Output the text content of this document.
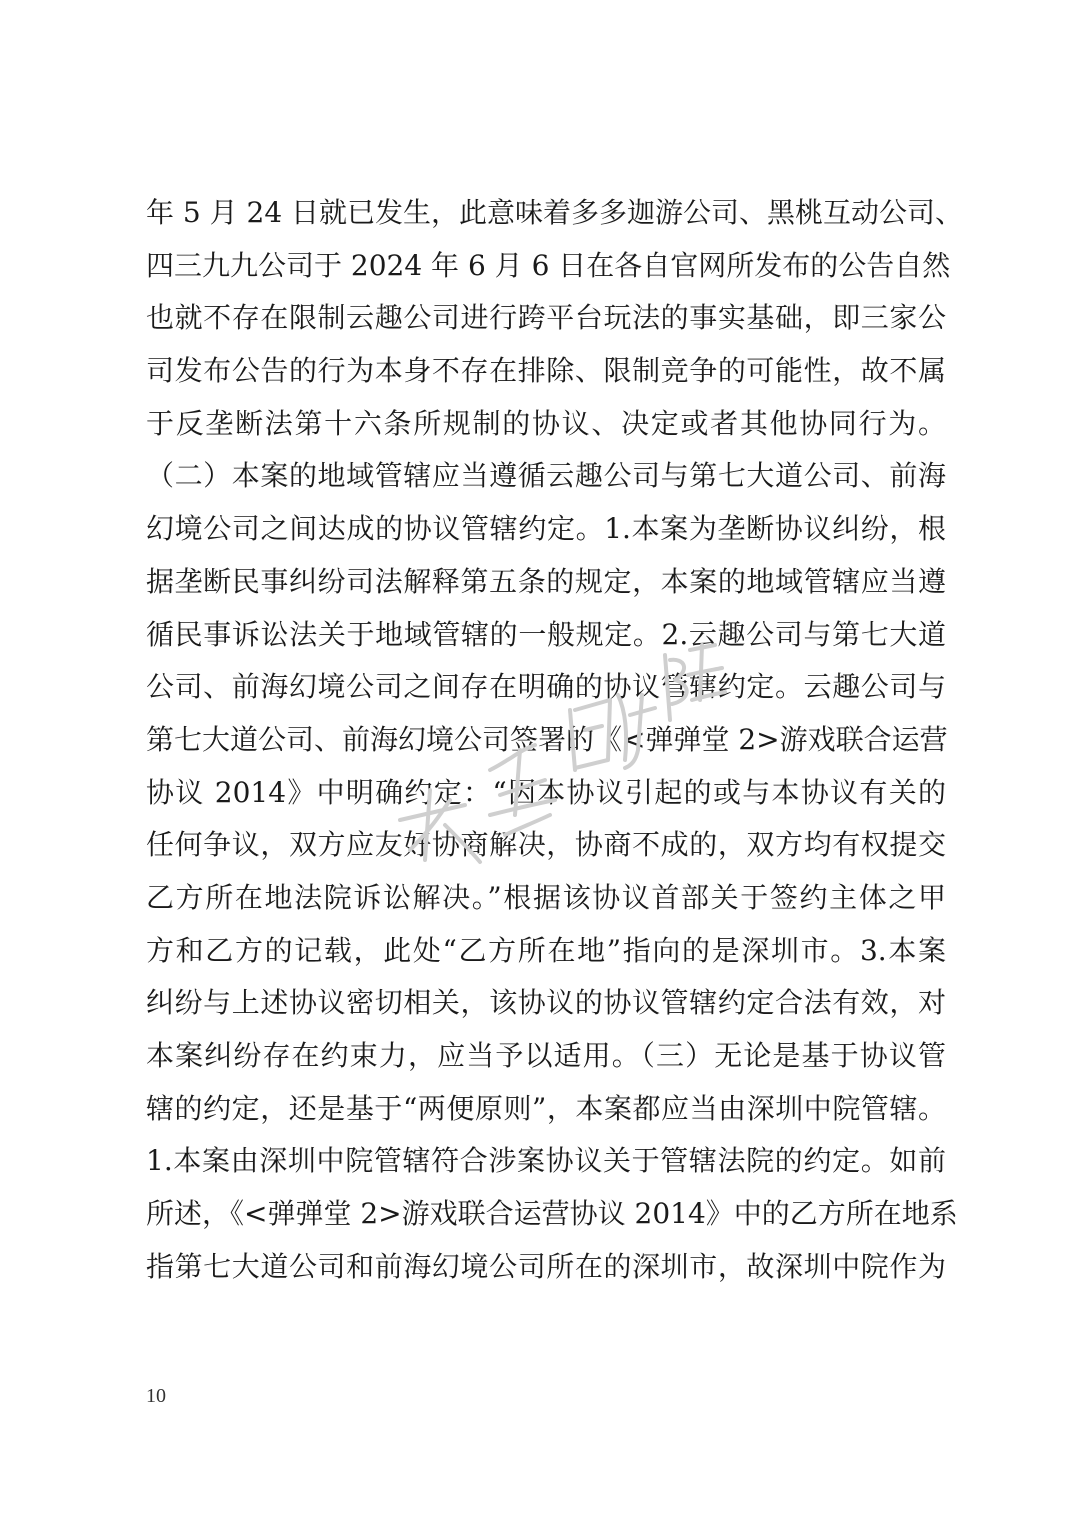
年 5 月 24 日就已发生，此意味着多多迦游公司、黑桃互动公司、
四三九九公司于 2024 年 6 月 6 日在各自官网所发布的公告自然
也就不存在限制云趣公司进行跨平台玩法的事实基础，即三家公
司发布公告的行为本身不存在排除、限制竞争的可能性，故不属
于反垄断法第十六条所规制的协议、决定或者其他协同行为。
（二）本案的地域管辖应当遵循云趣公司与第七大道公司、前海
幻境公司之间达成的协议管辖约定。1.本案为垄断协议纠纷，根
据垄断民事纠纷司法解释第五条的规定，本案的地域管辖应当遵
循民事诉讼法关于地域管辖的一般规定。2.云趣公司与第七大道
公司、前海幻境公司之间存在明确的协议管辖约定。云趣公司与
第七大道公司、前海幻境公司签署的《<弹弹堂 2>游戏联合运营
协议 2014》中明确约定：“因本协议引起的或与本协议有关的
任何争议，双方应友好协商解决，协商不成的，双方均有权提交
乙方所在地法院诉讼解决。”根据该协议首部关于签约主体之甲
方和乙方的记载，此处“乙方所在地”指向的是深圳市。3.本案
纠纷与上述协议密切相关，该协议的协议管辖约定合法有效，对
本案纠纷存在约束力，应当予以适用。（三）无论是基于协议管
辖的约定，还是基于“两便原则”，本案都应当由深圳中院管辖。
1.本案由深圳中院管辖符合涉案协议关于管辖法院的约定。如前
所述，《<弹弹堂 2>游戏联合运营协议 2014》中的乙方所在地系
指第七大道公司和前海幻境公司所在的深圳市，故深圳中院作为
10
